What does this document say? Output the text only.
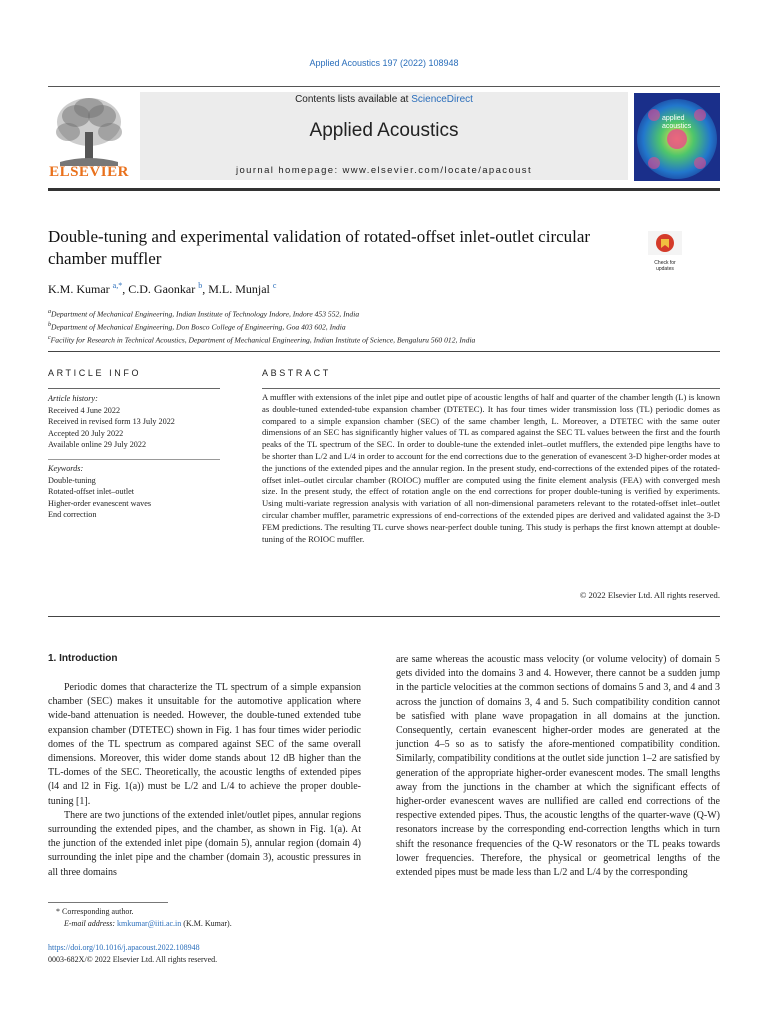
Applied Acoustics 197 (2022) 108948
ELSEVIER
Contents lists available at ScienceDirect
Applied Acoustics
journal homepage: www.elsevier.com/locate/apacoust
applied acoustics
Double-tuning and experimental validation of rotated-offset inlet-outlet circular chamber muffler	Check for updates
K.M. Kumar $^{a,*}$, C.D. Gaonkar $^b$, M.L. Munjal $^c$
$^a$Department of Mechanical Engineering, Indian Institute of Technology Indore, Indore 453 552, India
$^b$Department of Mechanical Engineering, Don Bosco College of Engineering, Goa 403 602, India
$^c$Facility for Research in Technical Acoustics, Department of Mechanical Engineering, Indian Institute of Science, Bengaluru 560 012, India
ARTICLE INFO	ABSTRACT
Article history:
Received 4 June 2022
Received in revised form 13 July 2022
Accepted 20 July 2022
Available online 29 July 2022
Keywords:
Double-tuning
Rotated-offset inlet–outlet
Higher-order evanescent waves
End correction
A muffler with extensions of the inlet pipe and outlet pipe of acoustic lengths of half and quarter of the chamber length (L) is known as double-tuned extended-tube expansion chamber (DTETEC). It has four times wider transmission loss (TL) periodic domes as compared to a simple expansion chamber (SEC) of the same chamber length, L. Moreover, a DTETEC with the same outer dimensions of an SEC has significantly higher values of TL as compared against the SEC TL values between the first and the fourth peaks of the TL spectrum of the SEC. In order to double-tune the extended inlet–outlet mufflers, the extended pipe lengths have to be shorter than L/2 and L/4 in order to account for the end corrections due to the generation of evanescent 3-D higher-order modes at the junctions of the extended pipes and the annular region. In the present study, end-corrections of the extended pipes of the rotated-offset inlet–outlet circular chamber (ROIOC) muffler are computed using the finite element analysis (FEA) with converged mesh size. In the present study, the effect of rotation angle on the end corrections for proper double-tuning is verified by experiments. Using multi-variate regression analysis with variation of all non-dimensional parameters relevant to the rotated-offset inlet–outlet circular chamber muffler, parametric expressions of end-corrections of the extended pipes are derived and validated against the 3-D FEM predictions. The resulting TL curve shows near-perfect double tuning. This study is perhaps the first known attempt at double-tuning of the ROIOC muffler.
© 2022 Elsevier Ltd. All rights reserved.
1. Introduction

Periodic domes that characterize the TL spectrum of a simple expansion chamber (SEC) makes it unsuitable for the automotive application where wide-band attenuation is needed. However, the double-tuned extended tube expansion chamber (DTETEC) shown in Fig. 1 has four times wider periodic domes of the TL spectrum as compared against SEC of the same overall dimensions. Moreover, this wider dome stands about 12 dB higher than the TL-domes of the SEC. Theoretically, the acoustic lengths of extended pipes (l4 and l2 in Fig. 1(a)) must be L/2 and L/4 to achieve the proper double-tuning [1].

There are two junctions of the extended inlet/outlet pipes, annular regions surrounding the extended pipes, and the chamber, as shown in Fig. 1(a). At the junction of the extended inlet pipe (domain 5), annular region (domain 4) surrounding the inlet pipe and the chamber (domain 3), acoustic pressures in all three domains

are same whereas the acoustic mass velocity (or volume velocity) of domain 5 gets divided into the domains 3 and 4. However, there cannot be a sudden jump in the particle velocities at the common sections of domains 5 and 3, and 4 and 3 across the junction of domains 3, 4 and 5. Such compatibility condition cannot be satisfied with plane wave propagation in all domains at the junction. Consequently, certain evanescent higher-order modes are generated at the junction 4–5 so as to satisfy the afore-mentioned compatibility condition. Similarly, compatibility conditions at the outlet side junction 1–2 are satisfied by generation of the appropriate higher-order evanescent modes. The small lengths away from the junctions in the chamber at which the significant effects of higher-order evanescent waves are nullified are called end corrections of the respective extended pipes. Thus, the acoustic lengths of the quarter-wave (Q-W) resonators increase by the corresponding end-correction lengths which in turn shift the resonance frequencies of the Q-W resonators or the TL peaks towards lower frequencies. Therefore, the physical or geometrical lengths of the extended pipes must be made less than L/2 and L/4 by the corresponding

* Corresponding author.
E-mail address: kmkumar@iiti.ac.in (K.M. Kumar).
https://doi.org/10.1016/j.apacoust.2022.108948
0003-682X/© 2022 Elsevier Ltd. All rights reserved.
